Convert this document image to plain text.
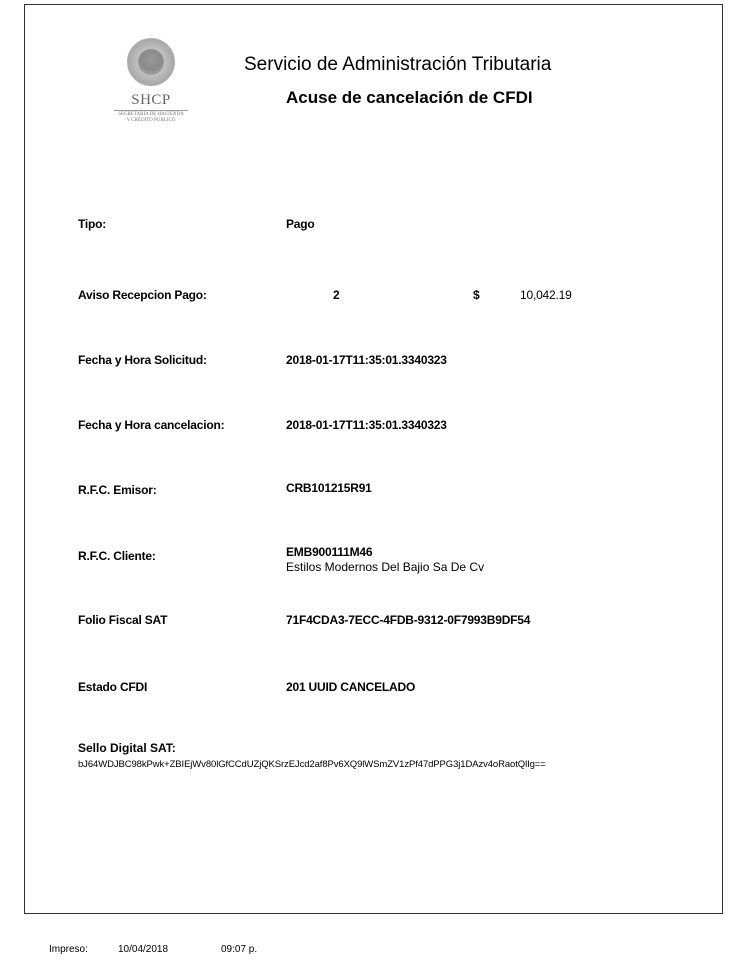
SHCP
SECRETARÍA DE HACIENDA
Y CRÉDITO PÚBLICO
Servicio de Administración Tributaria
Acuse de cancelación de CFDI
Tipo:	Pago
Aviso Recepcion Pago:	2	$	10,042.19
Fecha y Hora Solicitud:	2018-01-17T11:35:01.3340323
Fecha y Hora cancelacion:	2018-01-17T11:35:01.3340323
R.F.C. Emisor:	CRB101215R91
R.F.C. Cliente:	EMB900111M46
Estilos Modernos Del Bajio Sa De Cv
Folio Fiscal SAT	71F4CDA3-7ECC-4FDB-9312-0F7993B9DF54
Estado CFDI	201 UUID CANCELADO
Sello Digital SAT:
bJ64WDJBC98kPwk+ZBIEjWv80lGfCCdUZjQKSrzEJcd2af8Pv6XQ9lWSmZV1zPf47dPPG3j1DAzv4oRaotQlIg==
Impreso:	10/04/2018	09:07 p.
